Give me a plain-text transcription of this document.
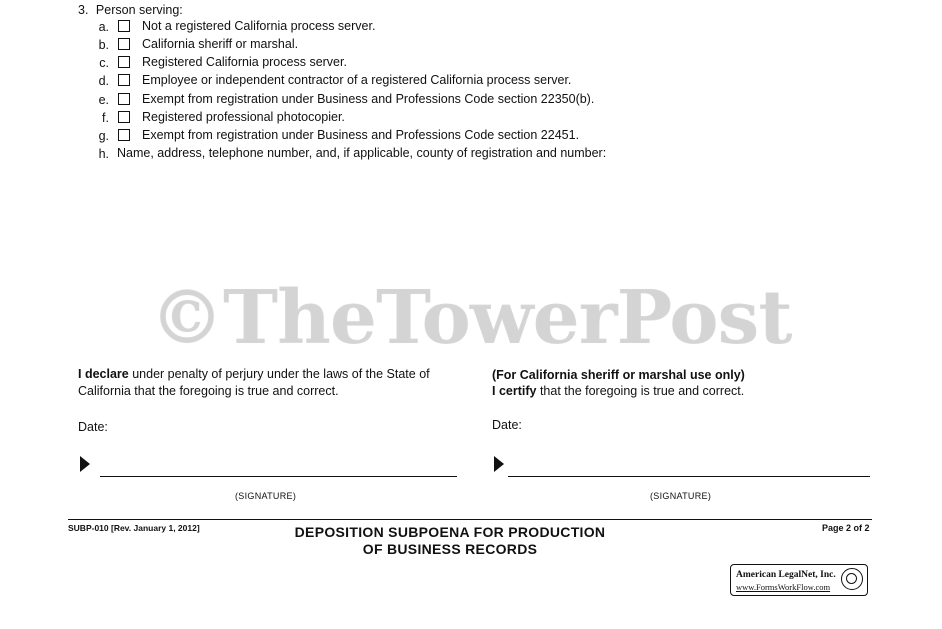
3. Person serving:
a.	Not a registered California process server.
b.	California sheriff or marshal.
c.	Registered California process server.
d.	Employee or independent contractor of a registered California process server.
e.	Exempt from registration under Business and Professions Code section 22350(b).
f.	Registered professional photocopier.
g.	Exempt from registration under Business and Professions Code section 22451.
h. Name, address, telephone number, and, if applicable, county of registration and number:
©TheTowerPost
I declare under penalty of perjury under the laws of the State of
California that the foregoing is true and correct.
Date:
(SIGNATURE)
(For California sheriff or marshal use only)
I certify that the foregoing is true and correct.
Date:
(SIGNATURE)
SUBP-010 [Rev. January 1, 2012]	DEPOSITION SUBPOENA FOR PRODUCTION
OF BUSINESS RECORDS
Page 2 of 2
American LegalNet, Inc.
www.FormsWorkFlow.com
